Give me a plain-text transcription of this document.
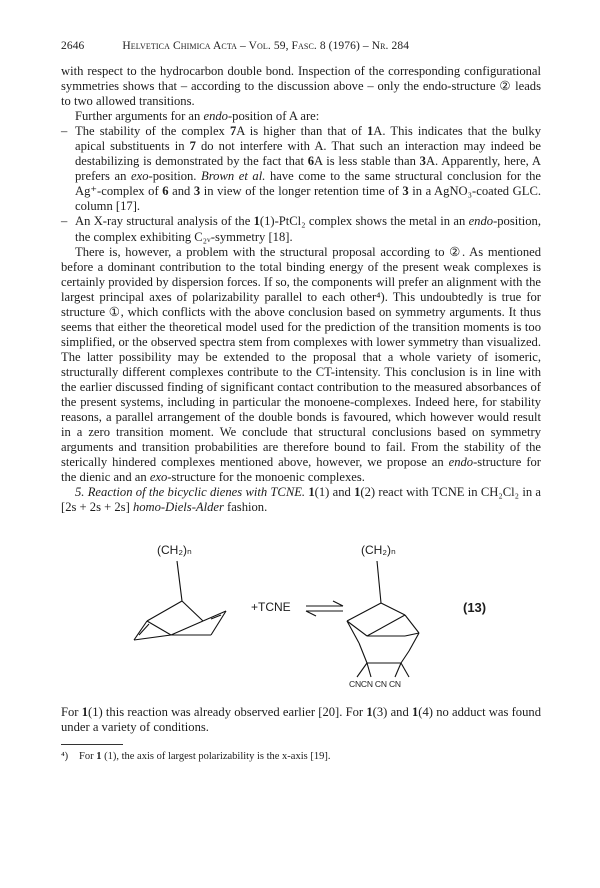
2646	Helvetica Chimica Acta – Vol. 59, Fasc. 8 (1976) – Nr. 284

with respect to the hydrocarbon double bond. Inspection of the corresponding configurational symmetries shows that – according to the discussion above – only the endo-structure ② leads to two allowed transitions.

Further arguments for an endo-position of A are:

– The stability of the complex 7A is higher than that of 1A. This indicates that the bulky apical substituents in 7 do not interfere with A. That such an interaction may indeed be destabilizing is demonstrated by the fact that 6A is less stable than 3A. Apparently, here, A prefers an exo-position. Brown et al. have come to the same structural conclusion for the Ag⁺-complex of 6 and 3 in view of the longer retention time of 3 in a AgNO₃-coated GLC. column [17].
– An X-ray structural analysis of the 1(1)-PtCl₂ complex shows the metal in an endo-position, the complex exhibiting C₂ᵥ-symmetry [18].

There is, however, a problem with the structural proposal according to ②. As mentioned before a dominant contribution to the total binding energy of the present weak complexes is certainly provided by dispersion forces. If so, the components will prefer an alignment with the largest principal axes of polarizability parallel to each other⁴). This undoubtedly is true for structure ①, which conflicts with the above conclusion based on symmetry arguments. It thus seems that either the theoretical model used for the prediction of the transition moments is too simplified, or the observed spectra stem from complexes with lower symmetry than visualized. The latter possibility may be extended to the proposal that a whole variety of isomeric, structurally different complexes contribute to the CT-intensity. This conclusion is in line with the earlier discussed finding of significant contact contribution to the measured absorbances of the present systems, including in particular the monoene-complexes. Indeed here, for stability reasons, a parallel arrangement of the double bonds is favoured, which however would result in a zero transition moment. We conclude that structural conclusions based on symmetry arguments and transition probabilities are therefore bound to fail. From the stability of the sterically hindered complexes mentioned above, however, we propose an endo-structure for the dienic and an exo-structure for the monoenic complexes.

5. Reaction of the bicyclic dienes with TCNE. 1(1) and 1(2) react with TCNE in CH₂Cl₂ in a [2s + 2s + 2s] homo-Diels-Alder fashion.

(CH₂)ₙ	(CH₂)ₙ
+TCNE
CNCN CN CN
(13)

For 1(1) this reaction was already observed earlier [20]. For 1(3) and 1(4) no adduct was found under a variety of conditions.

⁴) For 1 (1), the axis of largest polarizability is the x-axis [19].
